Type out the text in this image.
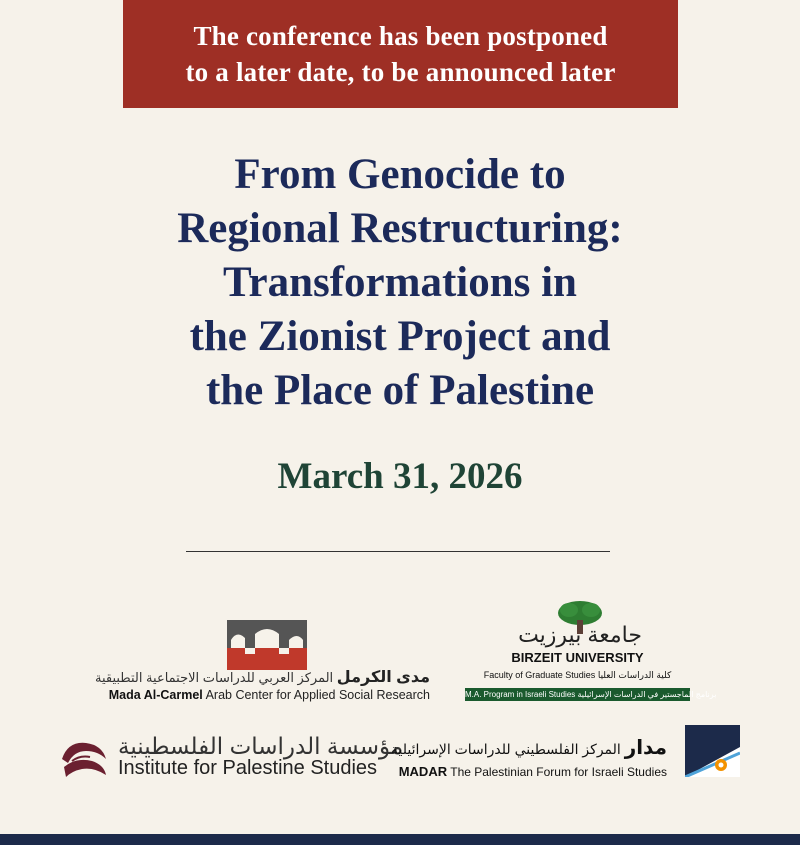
The conference has been postponed
to a later date, to be announced later
From Genocide to
Regional Restructuring:
Transformations in
the Zionist Project and
the Place of Palestine
March 31, 2026
مدى الكرمل المركز العربي للدراسات الاجتماعية التطبيقية
Mada Al-Carmel Arab Center for Applied Social Research
جامعة بيرزيت
BIRZEIT UNIVERSITY
Faculty of Graduate Studies كلية الدراسات العليا
M.A. Program in Israeli Studies برنامج الماجستير في الدراسات الإسرائيلية
مؤسسة الدراسات الفلسطينية
Institute for Palestine Studies
مدار المركز الفلسطيني للدراسات الإسرائيلية
MADAR The Palestinian Forum for Israeli Studies
